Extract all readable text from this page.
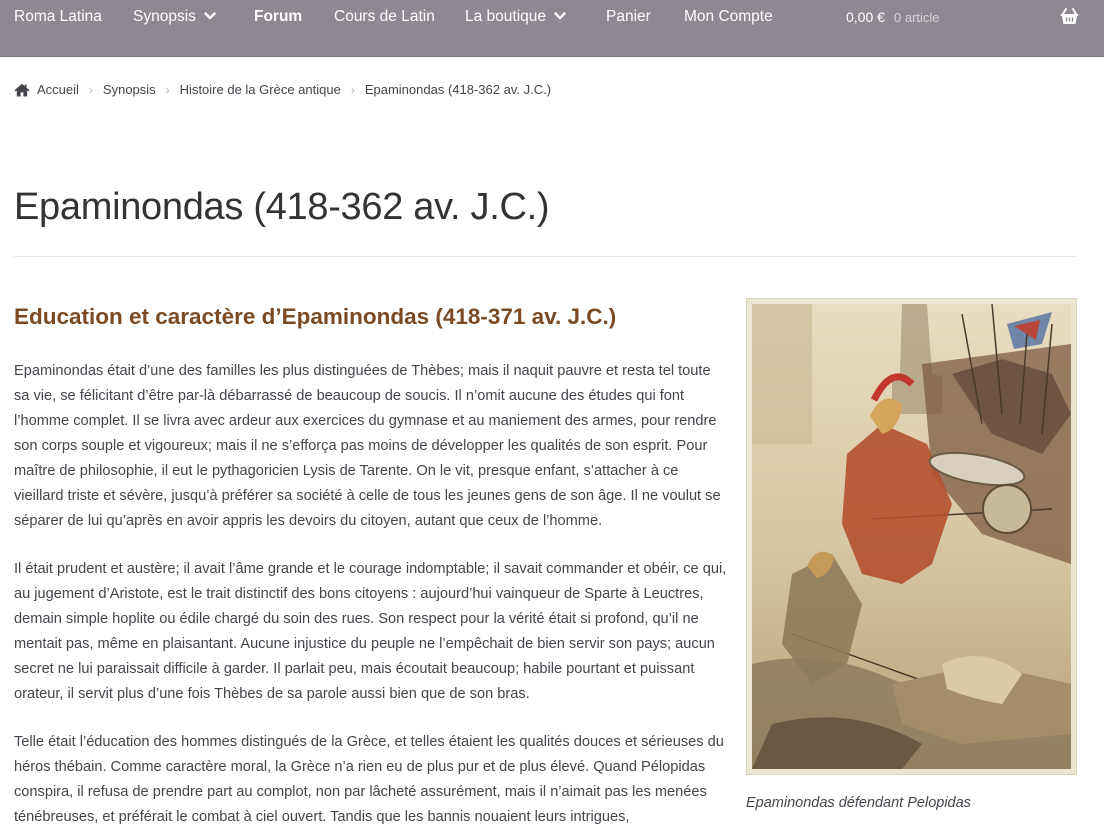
Roma Latina Synopsis	Forum Cours de Latin La boutique	Panier Mon Compte	0,00 € 0 article
Accueil › Synopsis › Histoire de la Grèce antique › Epaminondas (418-362 av. J.C.)
Epaminondas (418-362 av. J.C.)
Education et caractère d’Epaminondas (418-371 av. J.C.)

Epaminondas était d’une des familles les plus distinguées de Thèbes; mais il naquit pauvre et resta tel toute sa vie, se félicitant d’être par-là débarrassé de beaucoup de soucis. Il n’omit aucune des études qui font l’homme complet. Il se livra avec ardeur aux exercices du gymnase et au maniement des armes, pour rendre son corps souple et vigoureux; mais il ne s’efforça pas moins de développer les qualités de son esprit. Pour maître de philosophie, il eut le pythagoricien Lysis de Tarente. On le vit, presque enfant, s’attacher à ce vieillard triste et sévère, jusqu’à préférer sa société à celle de tous les jeunes gens de son âge. Il ne voulut se séparer de lui qu’après en avoir appris les devoirs du citoyen, autant que ceux de l’homme.

Il était prudent et austère; il avait l’âme grande et le courage indomptable; il savait commander et obéir, ce qui, au jugement d’Aristote, est le trait distinctif des bons citoyens : aujourd’hui vainqueur de Sparte à Leuctres, demain simple hoplite ou édile chargé du soin des rues. Son respect pour la vérité était si profond, qu’il ne mentait pas, même en plaisantant. Aucune injustice du peuple ne l’empêchait de bien servir son pays; aucun secret ne lui paraissait difficile à garder. Il parlait peu, mais écoutait beaucoup; habile pourtant et puissant orateur, il servit plus d’une fois Thèbes de sa parole aussi bien que de son bras.

Telle était l’éducation des hommes distingués de la Grèce, et telles étaient les qualités douces et sérieuses du héros thébain. Comme caractère moral, la Grèce n’a rien eu de plus pur et de plus élevé. Quand Pélopidas conspira, il refusa de prendre part au complot, non par lâcheté assurément, mais il n’aimait pas les menées ténébreuses, et préférait le combat à ciel ouvert. Tandis que les bannis nouaient leurs intrigues,

Epaminondas défendant Pelopidas
